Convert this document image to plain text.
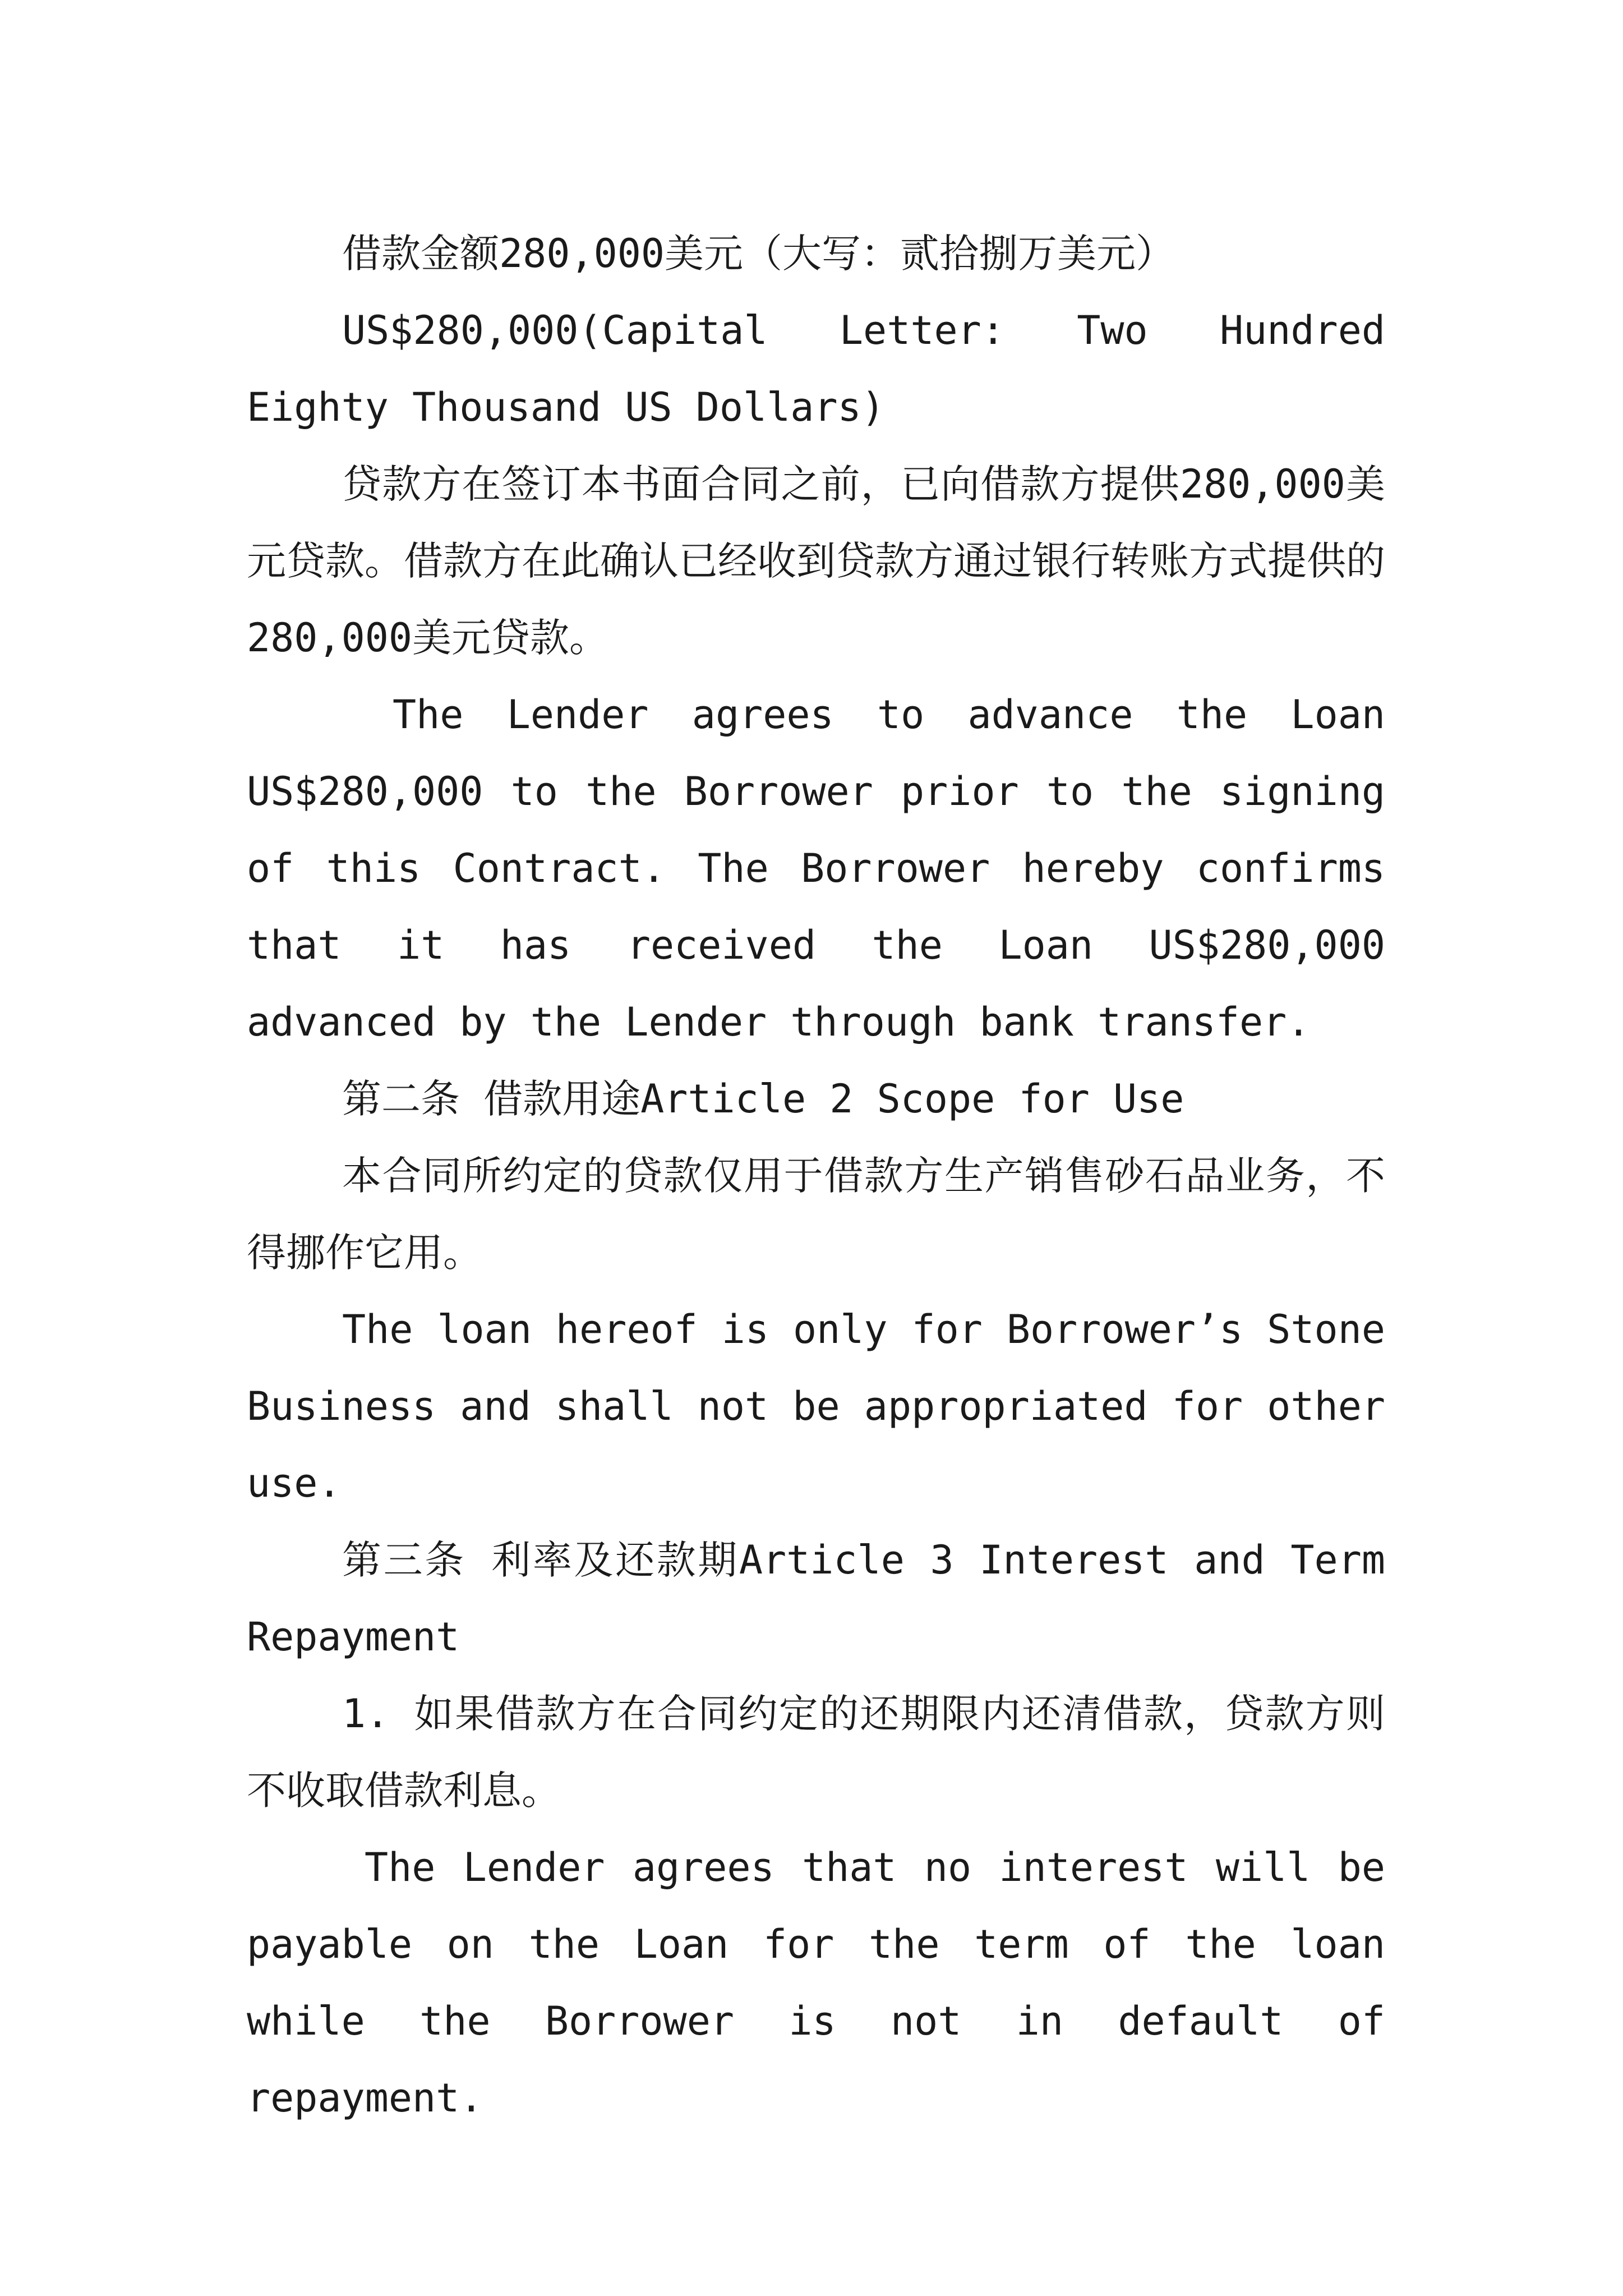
借款金额280,000美元（大写：贰拾捌万美元）

US$280,000(Capital Letter: Two Hundred Eighty Thousand US Dollars)

贷款方在签订本书面合同之前，已向借款方提供280,000美元贷款。借款方在此确认已经收到贷款方通过银行转账方式提供的280,000美元贷款。

The Lender agrees to advance the Loan US$280,000 to the Borrower prior to the signing of this Contract. The Borrower hereby confirms that it has received the Loan US$280,000 advanced by the Lender through bank transfer.

第二条 借款用途Article 2 Scope for Use

本合同所约定的贷款仅用于借款方生产销售砂石品业务，不得挪作它用。

The loan hereof is only for Borrower’s Stone Business and shall not be appropriated for other use.

第三条 利率及还款期Article 3 Interest and Term Repayment

1. 如果借款方在合同约定的还期限内还清借款，贷款方则不收取借款利息。

The Lender agrees that no interest will be payable on the Loan for the term of the loan while the Borrower is not in default of repayment.
